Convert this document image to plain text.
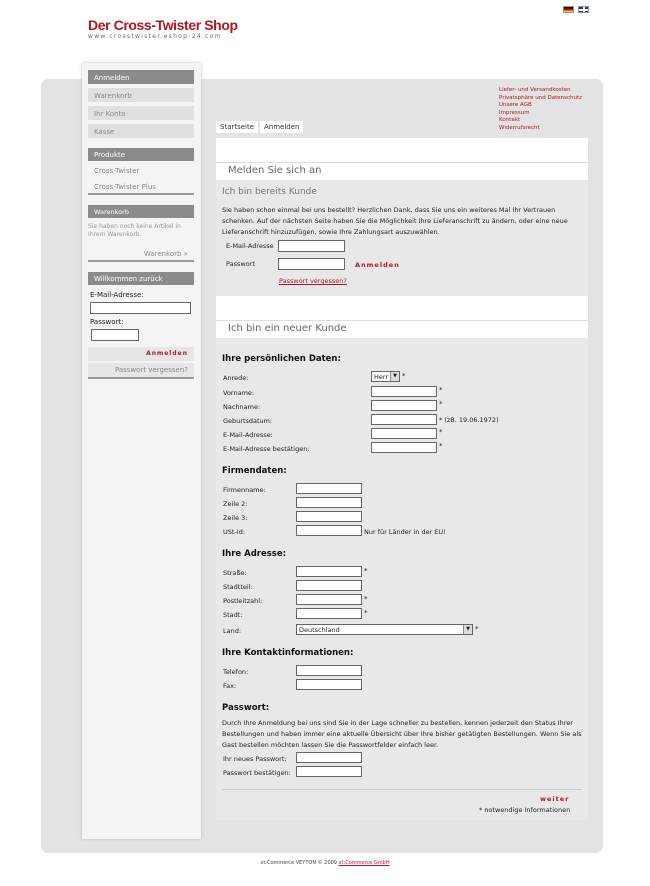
Der Cross-Twister Shop
www.crosstwister.eshop-24.com
Anmelden
Warenkorb
Ihr Konto
Kasse
Produkte
Cross-Twister
Cross-Twister Plus
Warenkorb
Sie haben noch keine Artikel in Ihrem Warenkorb.
Warenkorb »
Willkommen zurück
E-Mail-Adresse:
Passwort:
Anmelden
Passwort vergessen?
Startseite	Anmelden
Liefer- und Versandkosten
Privatsphäre und Datenschutz
Unsere AGB
Impressum
Kontakt
Widerrufsrecht
Melden Sie sich an
Ich bin bereits Kunde
Sie haben schon einmal bei uns bestellt? Herzlichen Dank, dass Sie uns ein weiteres Mal Ihr Vertrauen schenken. Auf der nächsten Seite haben Sie die Möglichkeit Ihre Lieferanschrift zu ändern, oder eine neue Lieferanschrift hinzuzufügen, sowie Ihre Zahlungsart auszuwählen.
E-Mail-Adresse
Passwort	Anmelden
Passwort vergessen?
Ich bin ein neuer Kunde
Ihre persönlichen Daten:
Anrede:	Herr ▼ *
Vorname:	*
Nachname:	*
Geburtsdatum:	* (zB. 19.06.1972)
E-Mail-Adresse:	*
E-Mail-Adresse bestätigen:	*
Firmendaten:
Firmenname:
Zeile 2:
Zeile 3:
USt-Id:	Nur für Länder in der EU!
Ihre Adresse:
Straße:	*
Stadtteil:
Postleitzahl:	*
Stadt:	*
Land:	Deutschland	▼ *
Ihre Kontaktinformationen:
Telefon:
Fax:
Passwort:
Durch Ihre Anmeldung bei uns sind Sie in der Lage schneller zu bestellen, kennen jederzeit den Status Ihrer Bestellungen und haben immer eine aktuelle Übersicht über Ihre bisher getätigten Bestellungen. Wenn Sie als Gast bestellen möchten lassen Sie die Passwortfelder einfach leer.
Ihr neues Passwort:
Passwort bestätigen:
weiter
* notwendige Informationen
xt:Commerce VEYTON © 2009 xt:Commerce GmbH
